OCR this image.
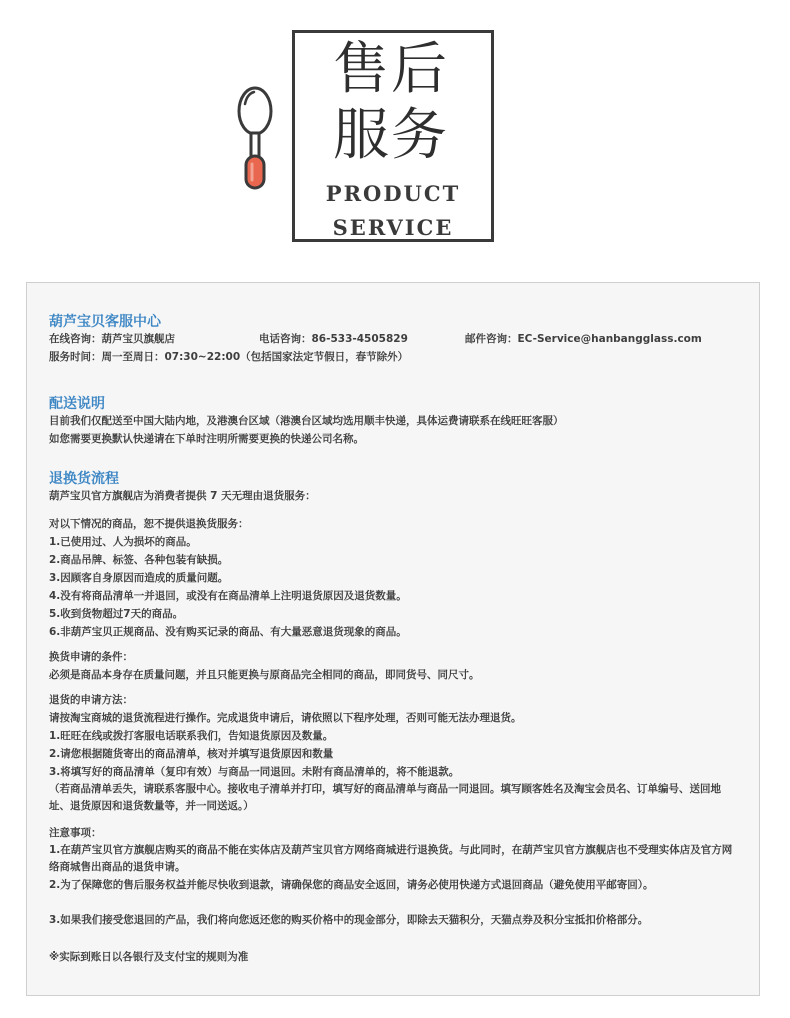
售后
服务
PRODUCT
SERVICE
葫芦宝贝客服中心
在线咨询：葫芦宝贝旗舰店	电话咨询：86-533-4505829	邮件咨询：EC-Service@hanbangglass.com
服务时间：周一至周日：07:30~22:00（包括国家法定节假日，春节除外）
配送说明
目前我们仅配送至中国大陆内地，及港澳台区域（港澳台区域均选用顺丰快递，具体运费请联系在线旺旺客服）
如您需要更换默认快递请在下单时注明所需要更换的快递公司名称。
退换货流程
葫芦宝贝官方旗舰店为消费者提供 7 天无理由退货服务：
对以下情况的商品，恕不提供退换货服务：
1.已使用过、人为损坏的商品。
2.商品吊牌、标签、各种包装有缺损。
3.因顾客自身原因而造成的质量问题。
4.没有将商品清单一并退回，或没有在商品清单上注明退货原因及退货数量。
5.收到货物超过7天的商品。
6.非葫芦宝贝正规商品、没有购买记录的商品、有大量恶意退货现象的商品。
换货申请的条件：
必须是商品本身存在质量问题，并且只能更换与原商品完全相同的商品，即同货号、同尺寸。
退货的申请方法：
请按淘宝商城的退货流程进行操作。完成退货申请后，请依照以下程序处理，否则可能无法办理退货。
1.旺旺在线或拨打客服电话联系我们，告知退货原因及数量。
2.请您根据随货寄出的商品清单，核对并填写退货原因和数量
3.将填写好的商品清单（复印有效）与商品一同退回。未附有商品清单的，将不能退款。
（若商品清单丢失，请联系客服中心。接收电子清单并打印，填写好的商品清单与商品一同退回。填写顾客姓名及淘宝会员名、订单编号、送回地址、退货原因和退货数量等，并一同送返。）
注意事项：
1.在葫芦宝贝官方旗舰店购买的商品不能在实体店及葫芦宝贝官方网络商城进行退换货。与此同时，在葫芦宝贝官方旗舰店也不受理实体店及官方网络商城售出商品的退货申请。
2.为了保障您的售后服务权益并能尽快收到退款，请确保您的商品安全返回，请务必使用快递方式退回商品（避免使用平邮寄回）。
3.如果我们接受您退回的产品，我们将向您返还您的购买价格中的现金部分，即除去天猫积分，天猫点券及积分宝抵扣价格部分。
※实际到账日以各银行及支付宝的规则为准
